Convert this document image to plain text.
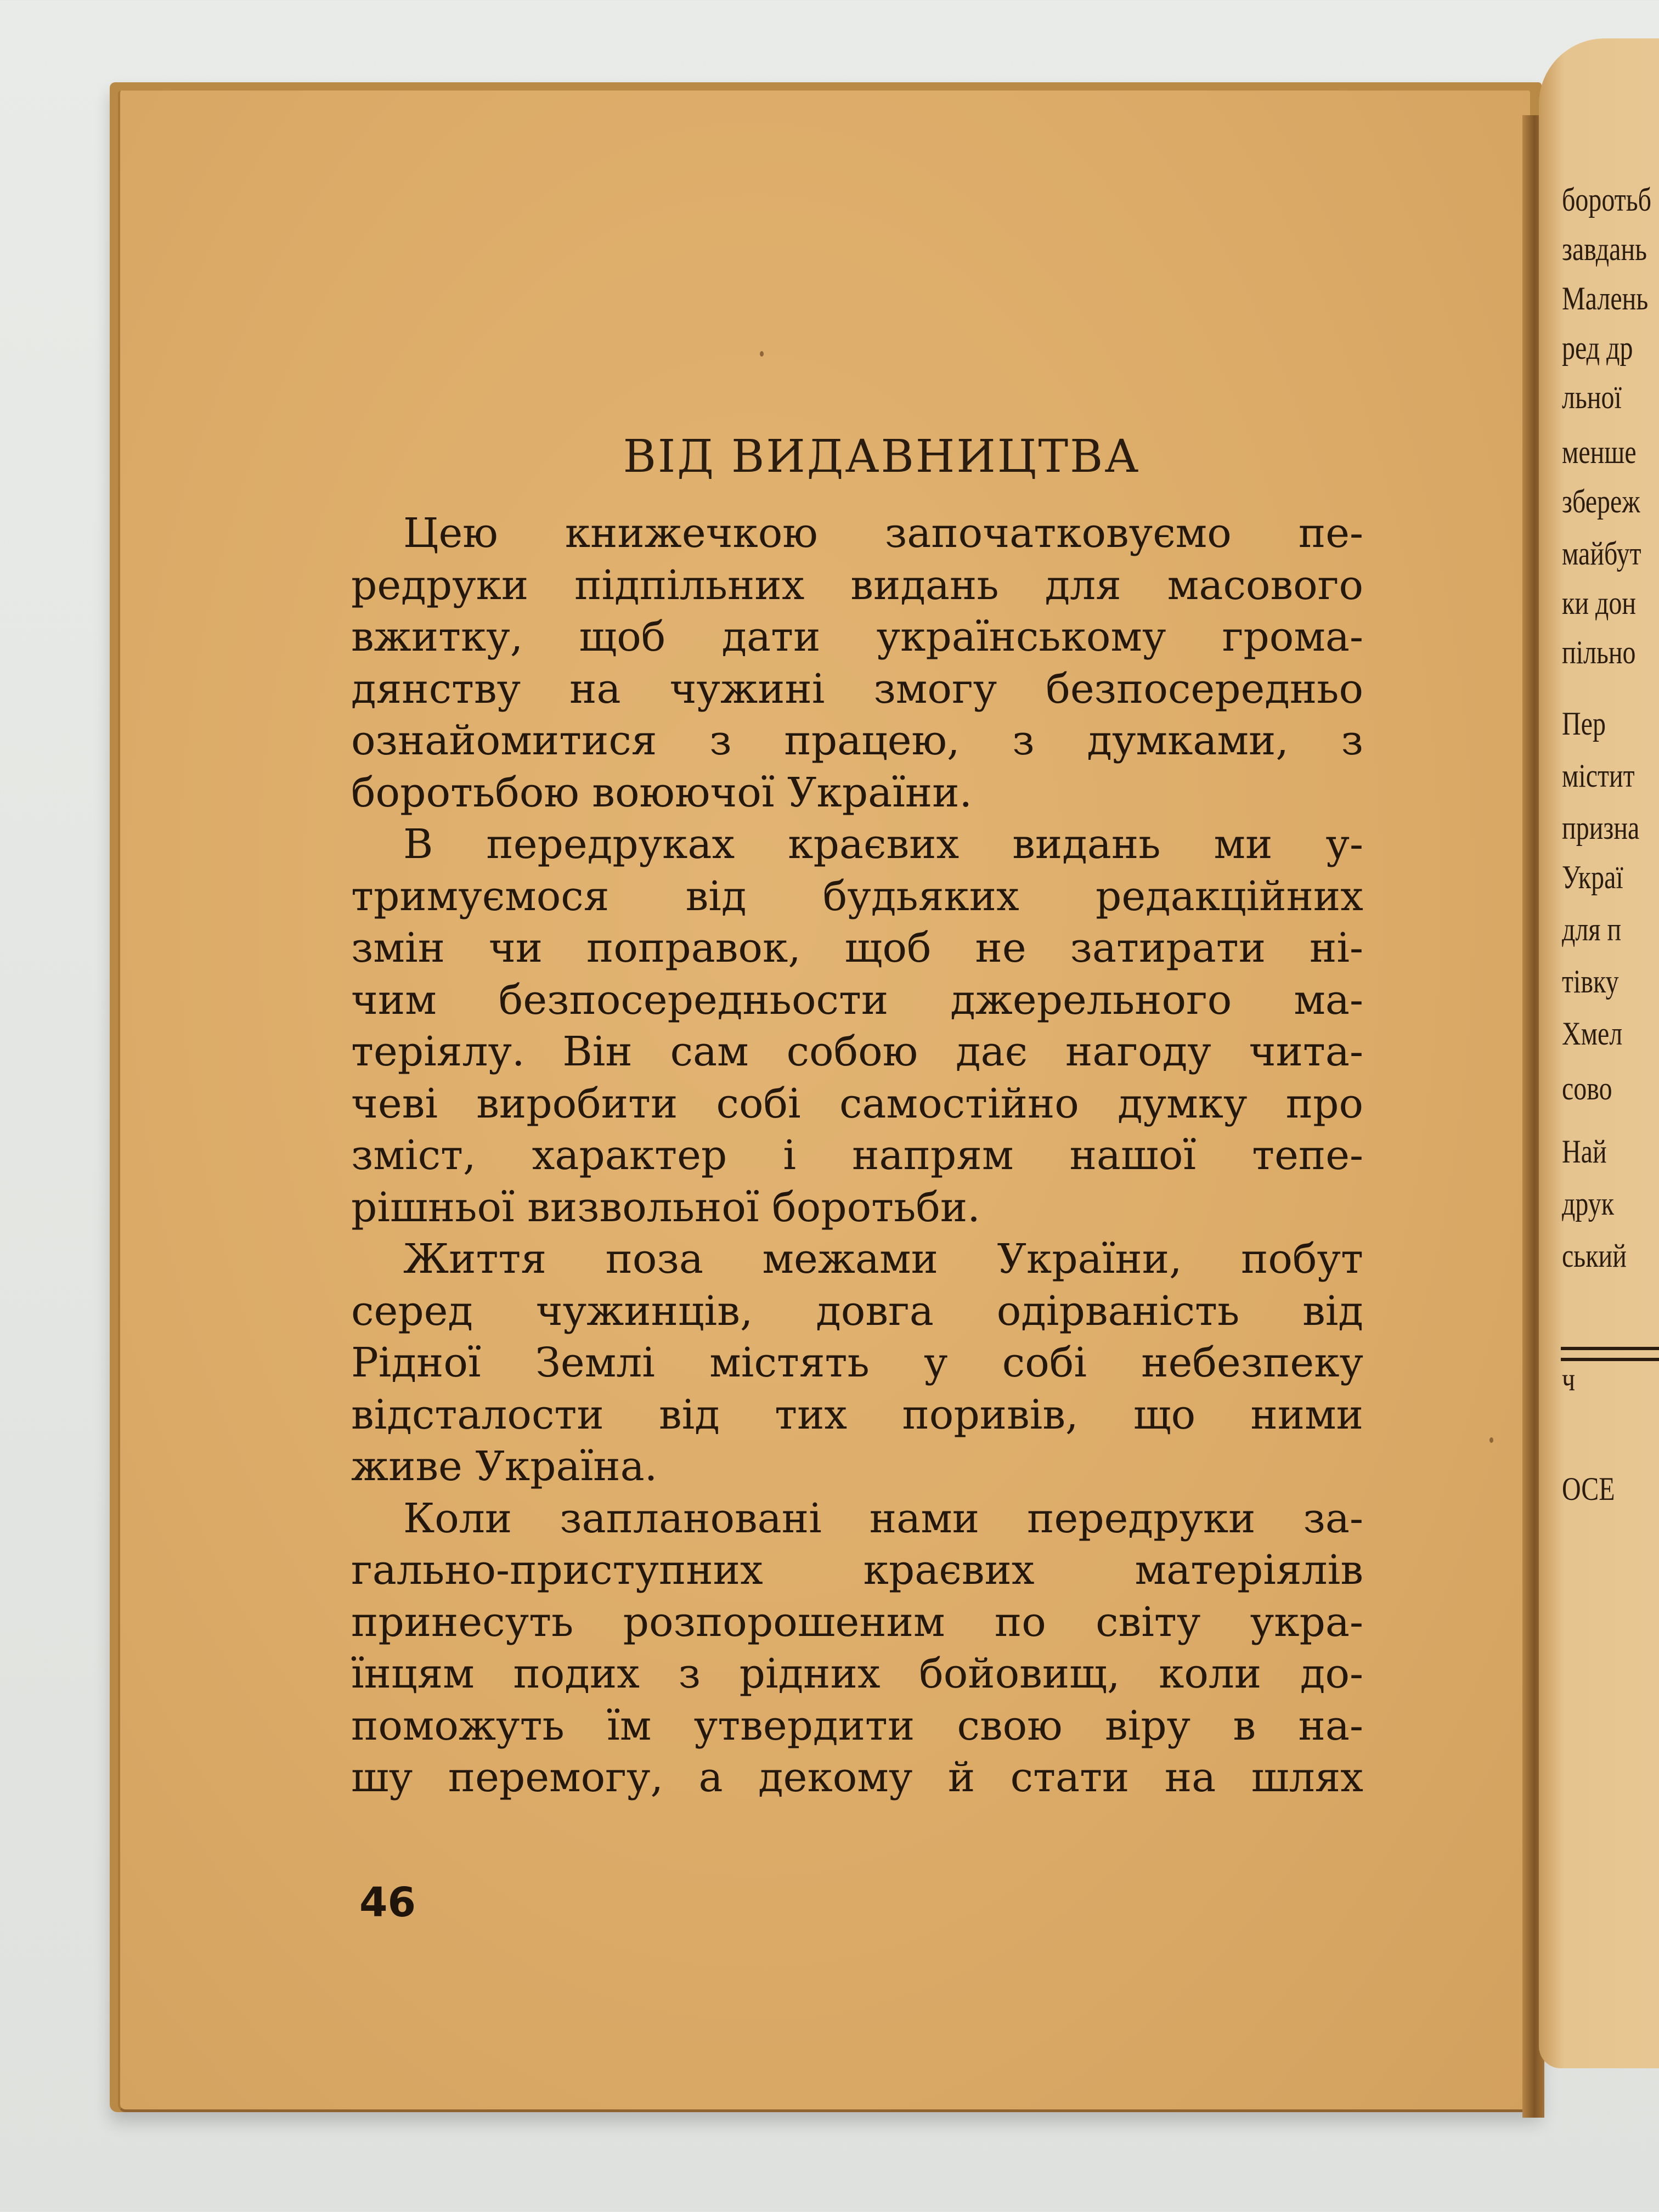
боротьб
завдань
Малень
ред др
льної
менше
збереж
майбут
ки дон
пільно
Пер
містит
призна
Украї
для п
тівку
Хмел
сово
Най
друк
ський
ч
ОСЕ
ВІД ВИДАВНИЦТВА
Цею книжечкою започатковуємо пе-
редруки підпільних видань для масового
вжитку, щоб дати українському грома-
дянству на чужині змогу безпосередньо
ознайомитися з працею, з думками, з
боротьбою воюючої України.
В передруках краєвих видань ми у-
тримуємося від будьяких редакційних
змін чи поправок, щоб не затирати ні-
чим безпосередньости джерельного ма-
теріялу. Він сам собою дає нагоду чита-
чеві виробити собі самостійно думку про
зміст, характер і напрям нашої тепе-
рішньої визвольної боротьби.
Життя поза межами України, побут
серед чужинців, довга одірваність від
Рідної Землі містять у собі небезпеку
відсталости від тих поривів, що ними
живе Україна.
Коли заплановані нами передруки за-
гально-приступних краєвих матеріялів
принесуть розпорошеним по світу укра-
їнцям подих з рідних бойовищ, коли до-
поможуть їм утвердити свою віру в на-
шу перемогу, а декому й стати на шлях
46
